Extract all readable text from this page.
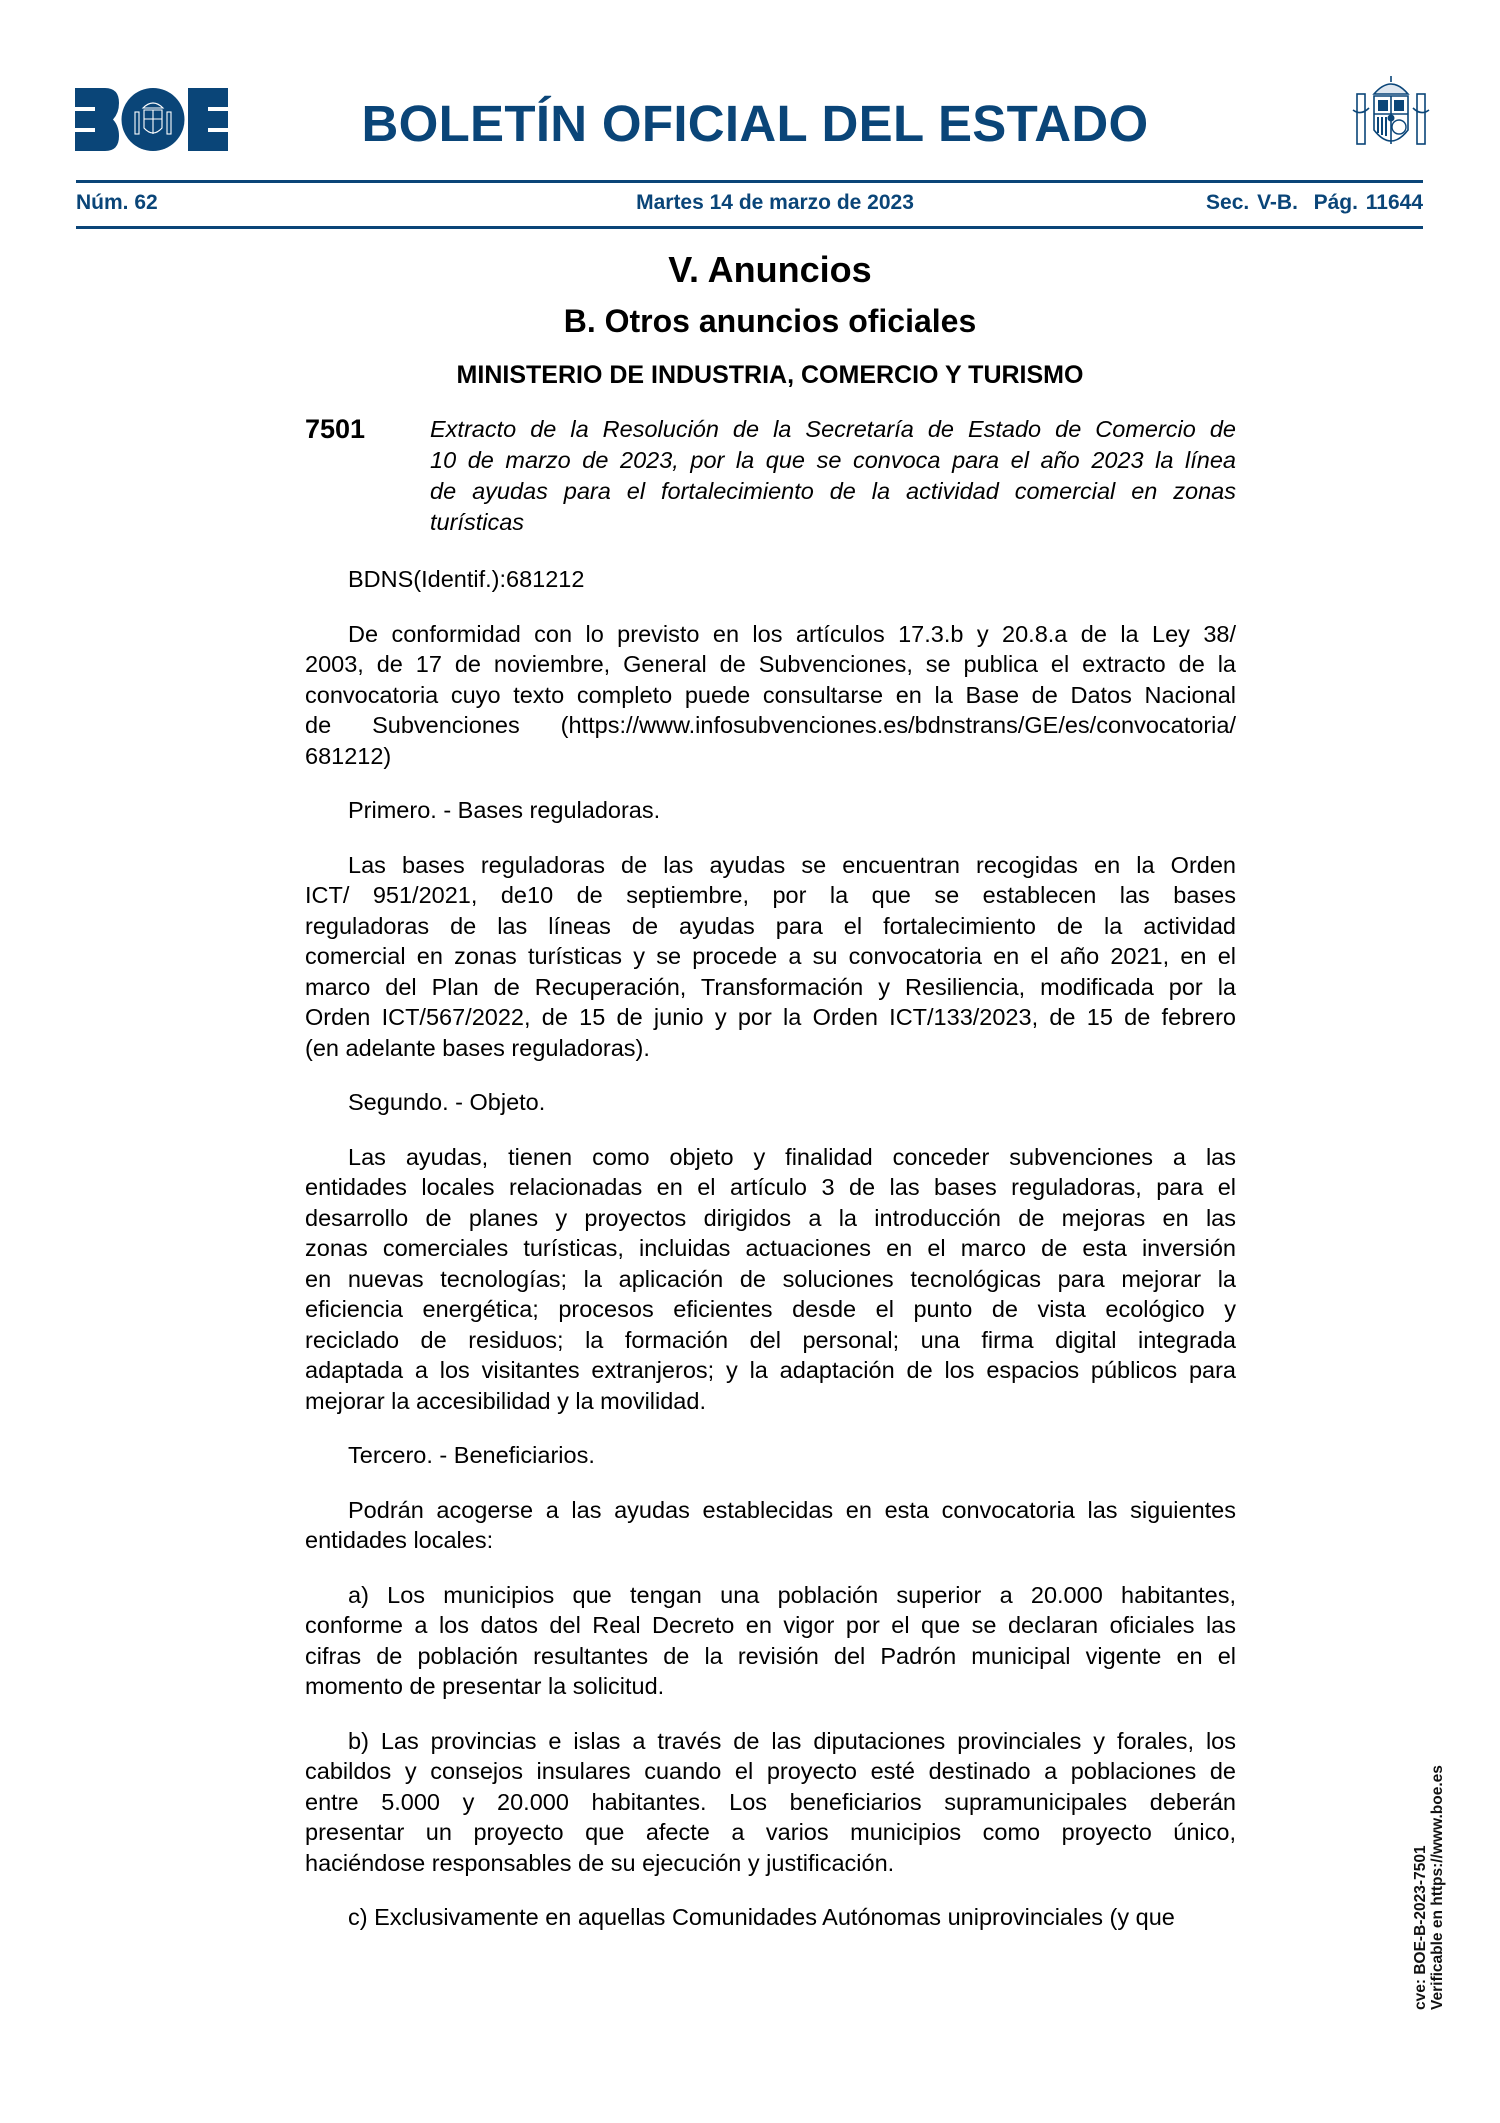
BOLETÍN OFICIAL DEL ESTADO
Núm. 62	Martes 14 de marzo de 2023	Sec. V-B.  Pág. 11644
V. Anuncios
B. Otros anuncios oficiales
MINISTERIO DE INDUSTRIA, COMERCIO Y TURISMO
7501	Extracto de la Resolución de la Secretaría de Estado de Comercio de
10 de marzo de 2023, por la que se convoca para el año 2023 la línea
de ayudas para el fortalecimiento de la actividad comercial en zonas
turísticas
BDNS(Identif.):681212
De conformidad con lo previsto en los artículos 17.3.b y 20.8.a de la Ley 38/
2003, de 17 de noviembre, General de Subvenciones, se publica el extracto de la
convocatoria cuyo texto completo puede consultarse en la Base de Datos Nacional
de Subvenciones (https://www.infosubvenciones.es/bdnstrans/GE/es/convocatoria/
681212)
Primero. - Bases reguladoras.
Las bases reguladoras de las ayudas se encuentran recogidas en la Orden
ICT/ 951/2021, de10 de septiembre, por la que se establecen las bases
reguladoras de las líneas de ayudas para el fortalecimiento de la actividad
comercial en zonas turísticas y se procede a su convocatoria en el año 2021, en el
marco del Plan de Recuperación, Transformación y Resiliencia, modificada por la
Orden ICT/567/2022, de 15 de junio y por la Orden ICT/133/2023, de 15 de febrero
(en adelante bases reguladoras).
Segundo. - Objeto.
Las ayudas, tienen como objeto y finalidad conceder subvenciones a las
entidades locales relacionadas en el artículo 3 de las bases reguladoras, para el
desarrollo de planes y proyectos dirigidos a la introducción de mejoras en las
zonas comerciales turísticas, incluidas actuaciones en el marco de esta inversión
en nuevas tecnologías; la aplicación de soluciones tecnológicas para mejorar la
eficiencia energética; procesos eficientes desde el punto de vista ecológico y
reciclado de residuos; la formación del personal; una firma digital integrada
adaptada a los visitantes extranjeros; y la adaptación de los espacios públicos para
mejorar la accesibilidad y la movilidad.
Tercero. - Beneficiarios.
Podrán acogerse a las ayudas establecidas en esta convocatoria las siguientes
entidades locales:
a) Los municipios que tengan una población superior a 20.000 habitantes,
conforme a los datos del Real Decreto en vigor por el que se declaran oficiales las
cifras de población resultantes de la revisión del Padrón municipal vigente en el
momento de presentar la solicitud.
b) Las provincias e islas a través de las diputaciones provinciales y forales, los
cabildos y consejos insulares cuando el proyecto esté destinado a poblaciones de
entre 5.000 y 20.000 habitantes. Los beneficiarios supramunicipales deberán
presentar un proyecto que afecte a varios municipios como proyecto único,
haciéndose responsables de su ejecución y justificación.
c) Exclusivamente en aquellas Comunidades Autónomas uniprovinciales (y que	cve: BOE-B-2023-7501 Verificable en https://www.boe.es
